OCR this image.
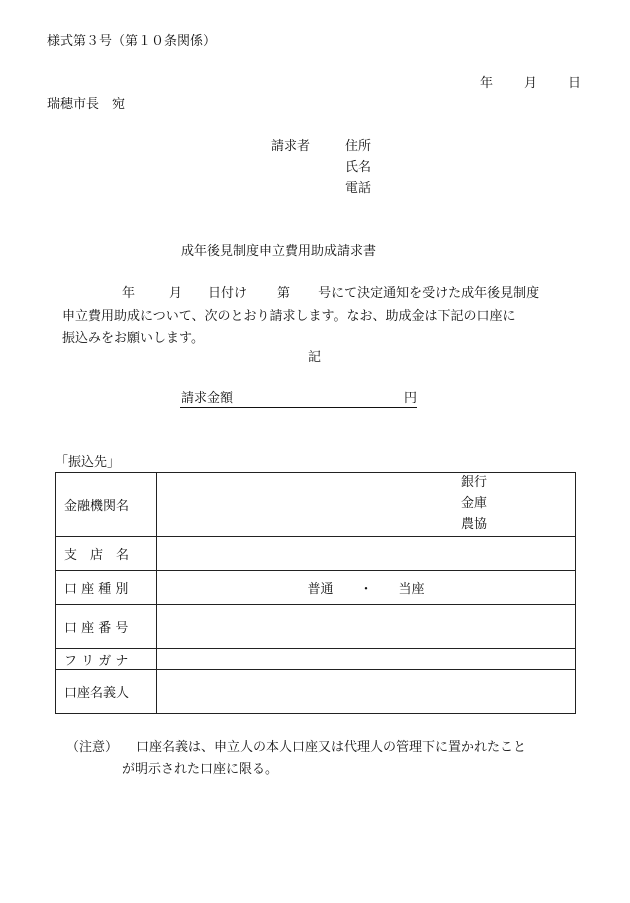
様式第３号（第１０条関係）
年 月 日
瑞穂市長　宛
請求者	住所
氏名
電話
成年後見制度申立費用助成請求書
年	月 日付け 第 号にて決定通知を受けた成年後見制度
申立費用助成について、次のとおり請求します。なお、助成金は下記の口座に
振込みをお願いします。
記
請求金額	円
「振込先」
金融機関名	銀行
金庫
農協

支　店　名	
口 座 種 別	普通　　・　　当座
口 座 番 号	
フ リ ガ ナ	
口座名義人	
（注意） 口座名義は、申立人の本人口座又は代理人の管理下に置かれたこと
が明示された口座に限る。
